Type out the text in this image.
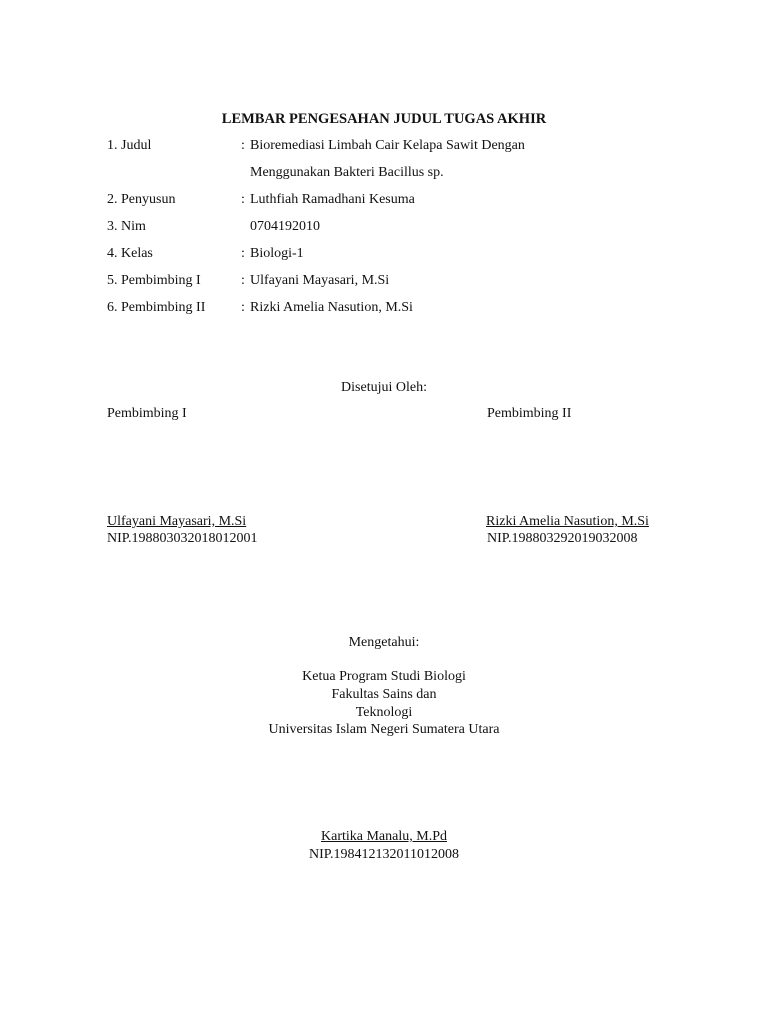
LEMBAR PENGESAHAN JUDUL TUGAS AKHIR
1. Judul	: Bioremediasi Limbah Cair Kelapa Sawit Dengan
Menggunakan Bakteri Bacillus sp.
2. Penyusun	: Luthfiah Ramadhani Kesuma
3. Nim	0704192010
4. Kelas	: Biologi-1
5. Pembimbing I	: Ulfayani Mayasari, M.Si
6. Pembimbing II	: Rizki Amelia Nasution, M.Si
Disetujui Oleh:
Pembimbing I	Pembimbing II
Ulfayani Mayasari, M.Si	Rizki Amelia Nasution, M.Si
NIP.198803032018012001	NIP.198803292019032008
Mengetahui:
Ketua Program Studi Biologi
Fakultas Sains dan
Teknologi
Universitas Islam Negeri Sumatera Utara
Kartika Manalu, M.Pd
NIP.198412132011012008
